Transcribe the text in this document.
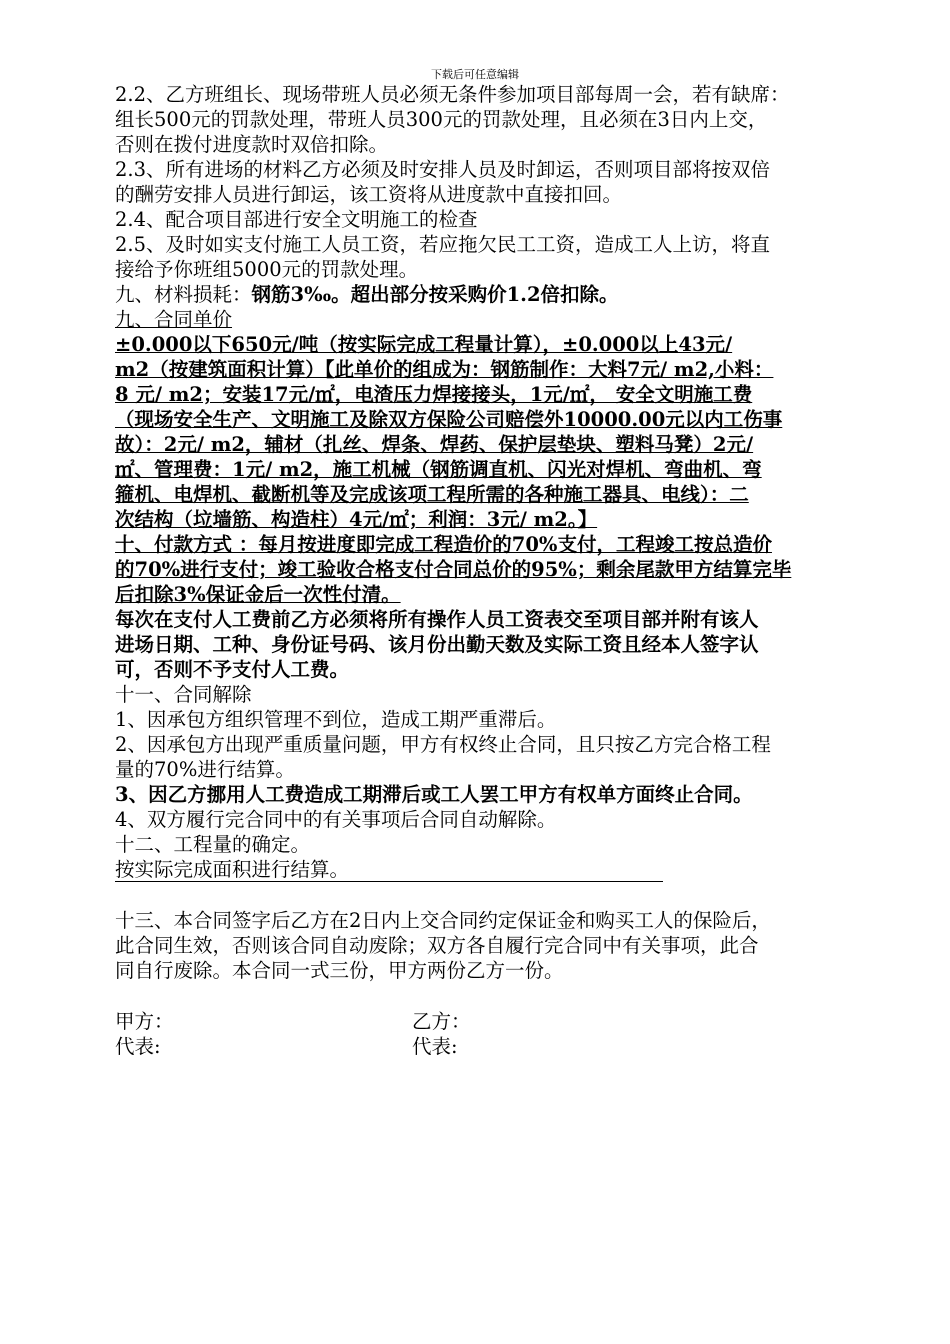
下载后可任意编辑
2.2、乙方班组长、现场带班人员必须无条件参加项目部每周一会，若有缺席：
组长500元的罚款处理，带班人员300元的罚款处理，且必须在3日内上交，
否则在拨付进度款时双倍扣除。
2.3、所有进场的材料乙方必须及时安排人员及时卸运，否则项目部将按双倍
的酬劳安排人员进行卸运，该工资将从进度款中直接扣回。
2.4、配合项目部进行安全文明施工的检查
2.5、及时如实支付施工人员工资，若应拖欠民工工资，造成工人上访，将直
接给予你班组5000元的罚款处理。
九、材料损耗：钢筋3‰。超出部分按采购价1.2倍扣除。
九、合同单价
±0.000以下650元/吨（按实际完成工程量计算），±0.000以上43元/
m2（按建筑面积计算）【此单价的组成为：钢筋制作：大料7元/ m2,小料：
8 元/ m2；安装17元/㎡，电渣压力焊接接头，1元/㎡， 安全文明施工费
（现场安全生产、文明施工及除双方保险公司赔偿外10000.00元以内工伤事
故）：2元/ m2，辅材（扎丝、焊条、焊药、保护层垫块、塑料马凳）2元/
㎡、管理费：1元/ m2，施工机械（钢筋调直机、闪光对焊机、弯曲机、弯
箍机、电焊机、截断机等及完成该项工程所需的各种施工器具、电线）：二
次结构（垃墙筋、构造柱）4元/㎡；利润：3元/ m2。】
十、付款方式 ：每月按进度即完成工程造价的70%支付，工程竣工按总造价
的70%进行支付；竣工验收合格支付合同总价的95%；剩余尾款甲方结算完毕
后扣除3%保证金后一次性付清。
每次在支付人工费前乙方必须将所有操作人员工资表交至项目部并附有该人
进场日期、工种、身份证号码、该月份出勤天数及实际工资且经本人签字认
可，否则不予支付人工费。
十一、合同解除
1、因承包方组织管理不到位，造成工期严重滞后。
2、因承包方出现严重质量问题，甲方有权终止合同，且只按乙方完合格工程
量的70%进行结算。
3、因乙方挪用人工费造成工期滞后或工人罢工甲方有权单方面终止合同。
4、双方履行完合同中的有关事项后合同自动解除。
十二、工程量的确定。
按实际完成面积进行结算。
十三、本合同签字后乙方在2日内上交合同约定保证金和购买工人的保险后，
此合同生效，否则该合同自动废除；双方各自履行完合同中有关事项，此合
同自行废除。本合同一式三份，甲方两份乙方一份。
甲方：	乙方：
代表:	代表:
